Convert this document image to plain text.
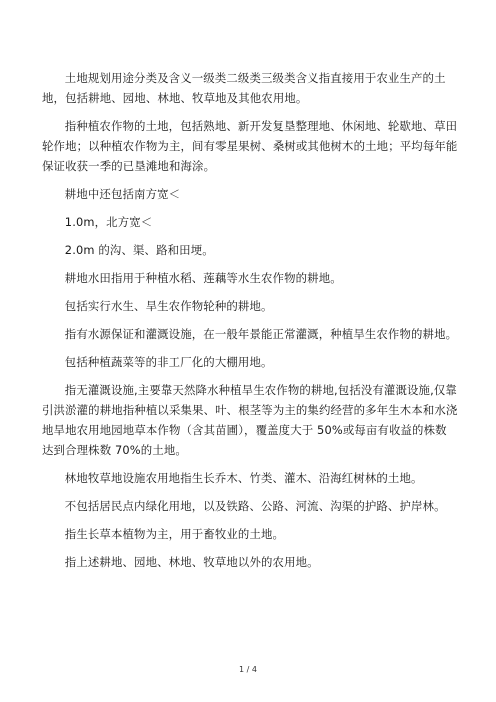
土地规划用途分类及含义一级类二级类三级类含义指直接用于农业生产的土地，包括耕地、园地、林地、牧草地及其他农用地。

指种植农作物的土地，包括熟地、新开发复垦整理地、休闲地、轮歇地、草田轮作地；以种植农作物为主，间有零星果树、桑树或其他树木的土地；平均每年能保证收获一季的已垦滩地和海涂。

耕地中还包括南方宽＜

1.0m，北方宽＜

2.0m 的沟、渠、路和田埂。

耕地水田指用于种植水稻、莲藕等水生农作物的耕地。

包括实行水生、旱生农作物轮种的耕地。

指有水源保证和灌溉设施，在一般年景能正常灌溉，种植旱生农作物的耕地。

包括种植蔬菜等的非工厂化的大棚用地。

指无灌溉设施,主要靠天然降水种植旱生农作物的耕地,包括没有灌溉设施,仅靠引洪淤灌的耕地指种植以采集果、叶、根茎等为主的集约经营的多年生木本和水浇地旱地农用地园地草本作物（含其苗圃），覆盖度大于 50%或每亩有收益的株数达到合理株数 70%的土地。

林地牧草地设施农用地指生长乔木、竹类、灌木、沿海红树林的土地。

不包括居民点内绿化用地，以及铁路、公路、河流、沟渠的护路、护岸林。

指生长草本植物为主，用于畜牧业的土地。

指上述耕地、园地、林地、牧草地以外的农用地。

1 / 4
